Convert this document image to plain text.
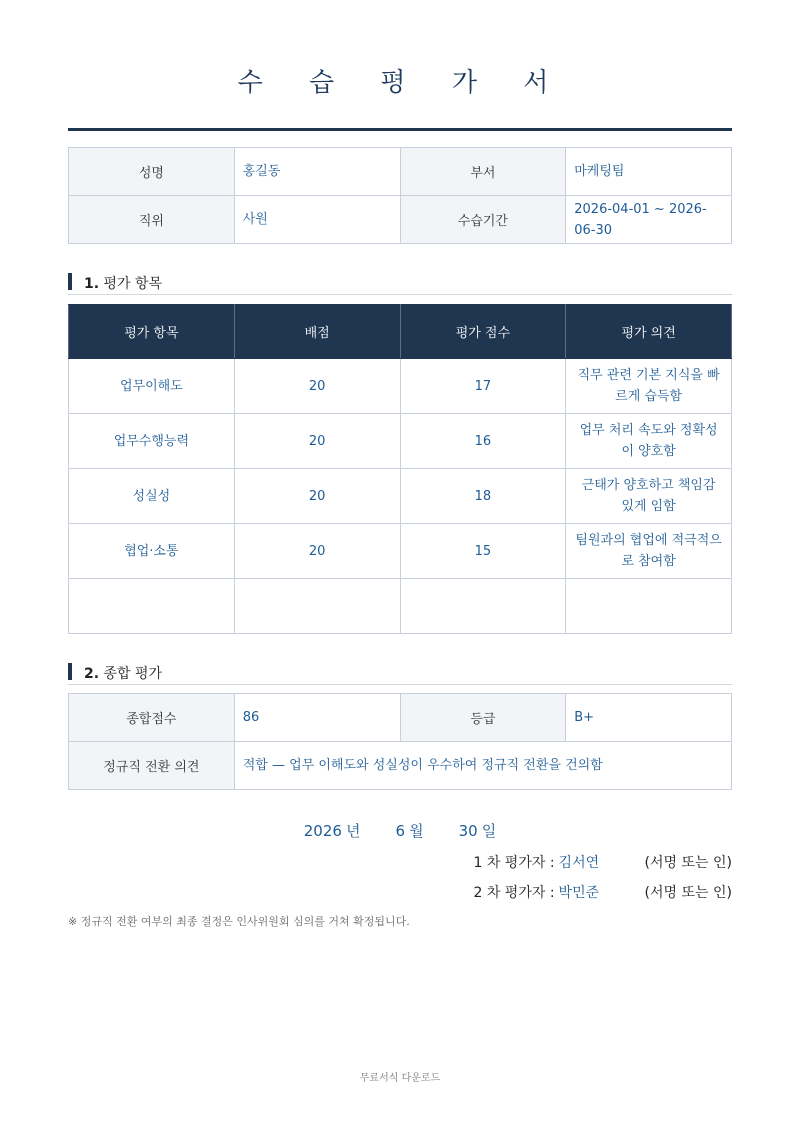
수 습 평 가 서
성명	홍길동	부서	마케팅팀
직위	사원	수습기간	2026-04-01 ~ 2026-06-30
1. 평가 항목
평가 항목	배점	평가 점수	평가 의견
업무이해도	20	17	직무 관련 기본 지식을 빠르게 습득함
업무수행능력	20	16	업무 처리 속도와 정확성이 양호함
성실성	20	18	근태가 양호하고 책임감 있게 임함
협업·소통	20	15	팀원과의 협업에 적극적으로 참여함

2. 종합 평가
종합점수	86	등급	B+
정규직 전환 의견	적합 — 업무 이해도와 성실성이 우수하여 정규직 전환을 건의함		
2026 년 6 월 30 일
1 차 평가자 : 김서연	(서명 또는 인)
2 차 평가자 : 박민준	(서명 또는 인)
※ 정규직 전환 여부의 최종 결정은 인사위원회 심의를 거쳐 확정됩니다.
무료서식 다운로드
